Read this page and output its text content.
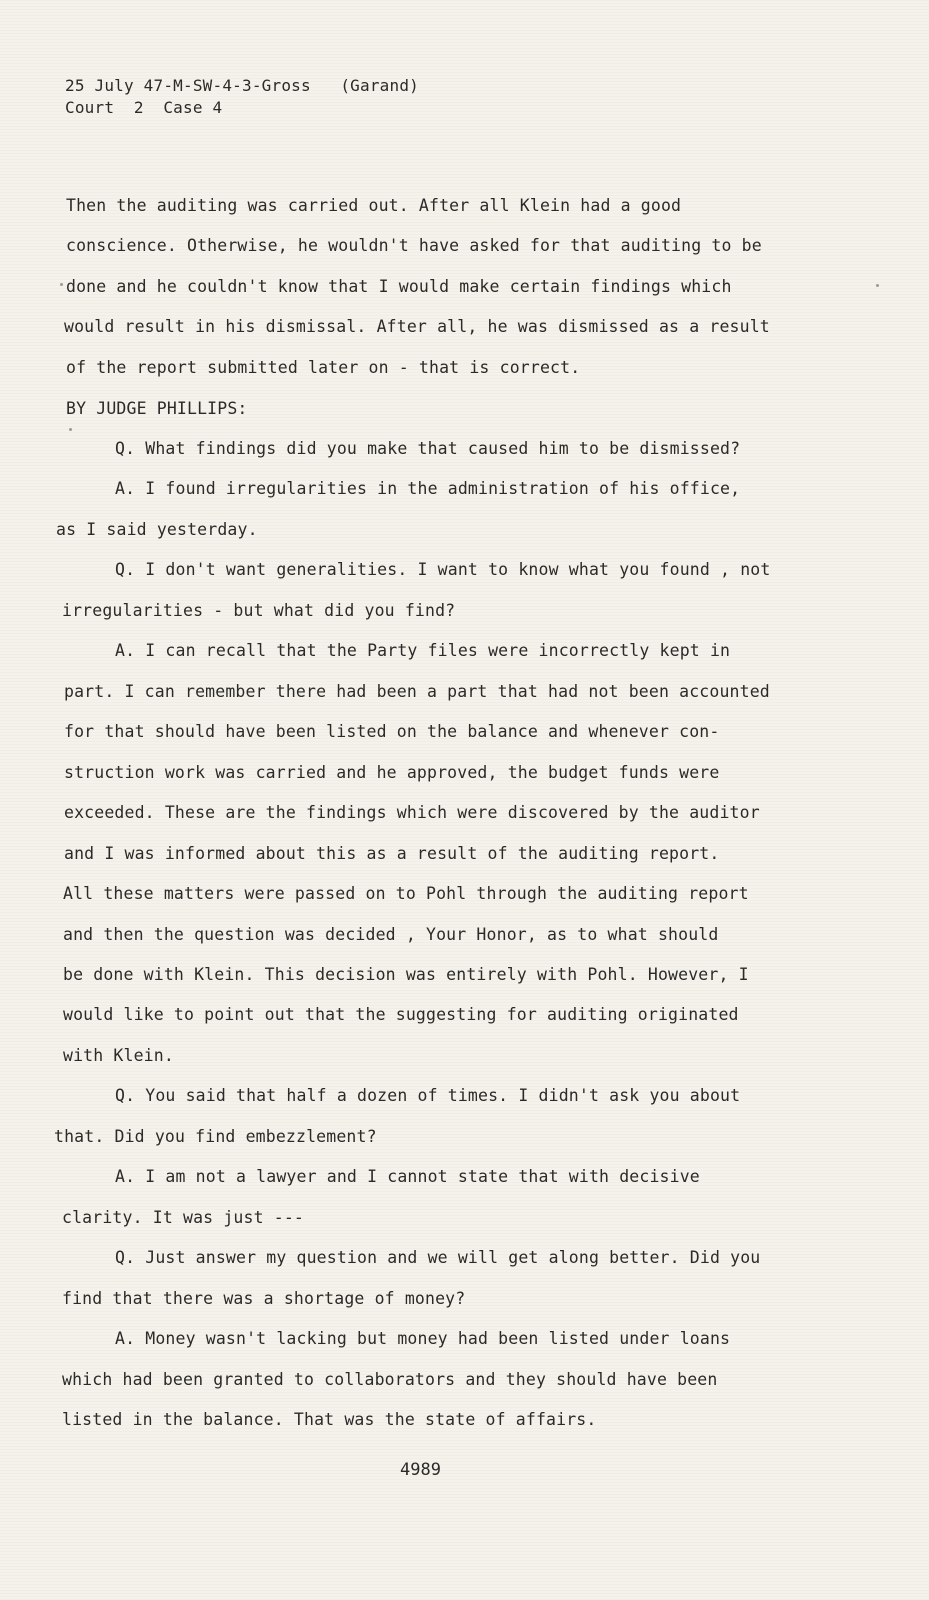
25 July 47-M-SW-4-3-Gross   (Garand)
Court  2  Case 4
Then the auditing was carried out. After all Klein had a good
conscience. Otherwise, he wouldn't have asked for that auditing to be
done and he couldn't know that I would make certain findings which
would result in his dismissal. After all, he was dismissed as a result
of the report submitted later on - that is correct.
BY JUDGE PHILLIPS:
Q. What findings did you make that caused him to be dismissed?
A. I found irregularities in the administration of his office,
as I said yesterday.
Q. I don't want generalities. I want to know what you found , not
irregularities - but what did you find?
A. I can recall that the Party files were incorrectly kept in
part. I can remember there had been a part that had not been accounted
for that should have been listed on the balance and whenever con-
struction work was carried and he approved, the budget funds were
exceeded. These are the findings which were discovered by the auditor
and I was informed about this as a result of the auditing report.
All these matters were passed on to Pohl through the auditing report
and then the question was decided , Your Honor, as to what should
be done with Klein. This decision was entirely with Pohl. However, I
would like to point out that the suggesting for auditing originated
with Klein.
Q. You said that half a dozen of times. I didn't ask you about
that. Did you find embezzlement?
A. I am not a lawyer and I cannot state that with decisive
clarity. It was just ---
Q. Just answer my question and we will get along better. Did you
find that there was a shortage of money?
A. Money wasn't lacking but money had been listed under loans
which had been granted to collaborators and they should have been
listed in the balance. That was the state of affairs.
4989
